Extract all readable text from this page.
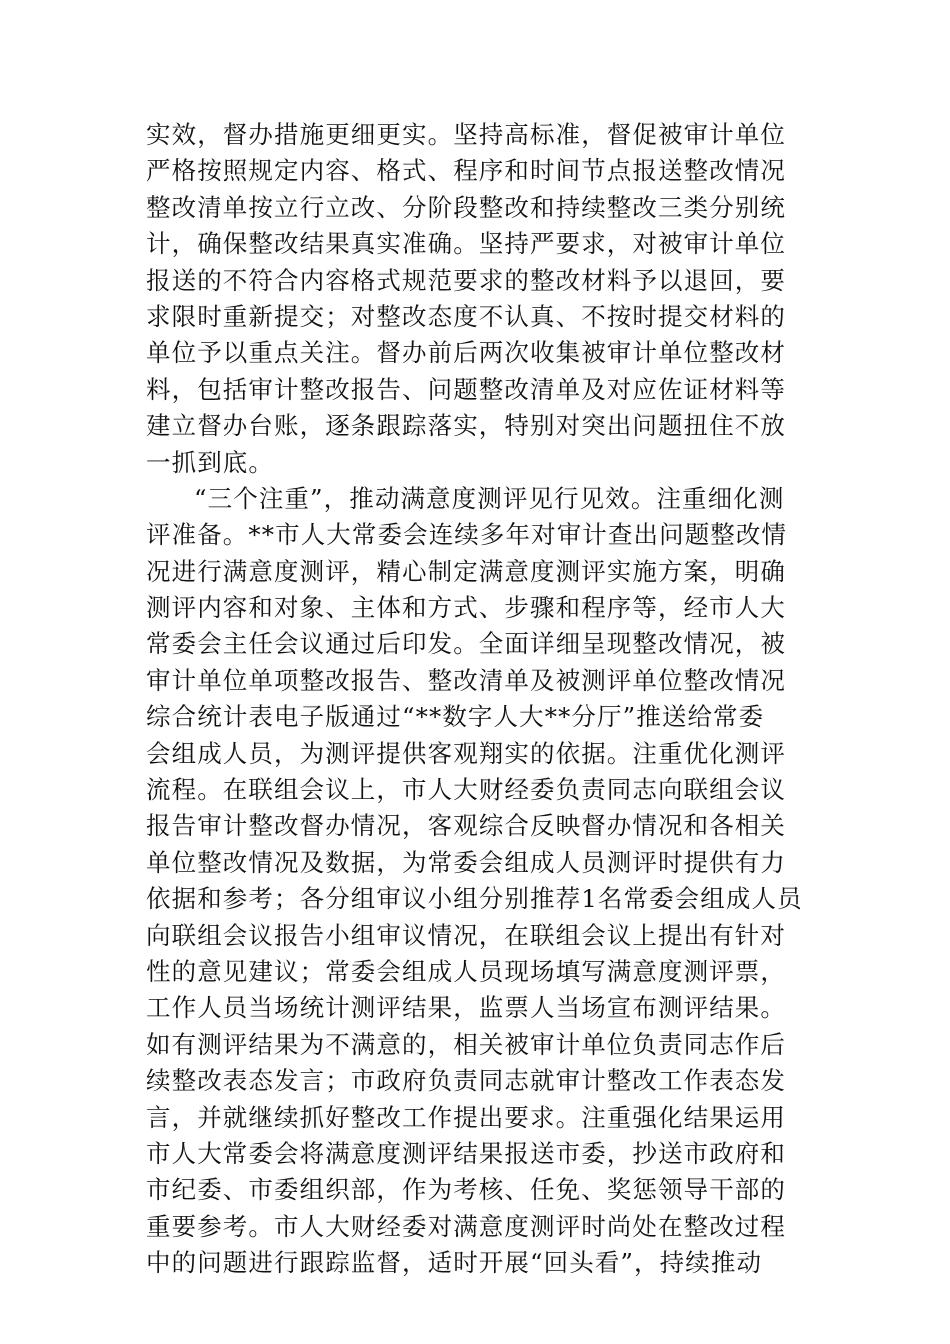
实效，督办措施更细更实。坚持高标准，督促被审计单位
严格按照规定内容、格式、程序和时间节点报送整改情况
整改清单按立行立改、分阶段整改和持续整改三类分别统
计，确保整改结果真实准确。坚持严要求，对被审计单位
报送的不符合内容格式规范要求的整改材料予以退回，要
求限时重新提交；对整改态度不认真、不按时提交材料的
单位予以重点关注。督办前后两次收集被审计单位整改材
料，包括审计整改报告、问题整改清单及对应佐证材料等
建立督办台账，逐条跟踪落实，特别对突出问题扭住不放
一抓到底。
“三个注重”，推动满意度测评见行见效。注重细化测
评准备。**市人大常委会连续多年对审计查出问题整改情
况进行满意度测评，精心制定满意度测评实施方案，明确
测评内容和对象、主体和方式、步骤和程序等，经市人大
常委会主任会议通过后印发。全面详细呈现整改情况，被
审计单位单项整改报告、整改清单及被测评单位整改情况
综合统计表电子版通过“**数字人大**分厅”推送给常委
会组成人员，为测评提供客观翔实的依据。注重优化测评
流程。在联组会议上，市人大财经委负责同志向联组会议
报告审计整改督办情况，客观综合反映督办情况和各相关
单位整改情况及数据，为常委会组成人员测评时提供有力
依据和参考；各分组审议小组分别推荐1名常委会组成人员
向联组会议报告小组审议情况，在联组会议上提出有针对
性的意见建议；常委会组成人员现场填写满意度测评票，
工作人员当场统计测评结果，监票人当场宣布测评结果。
如有测评结果为不满意的，相关被审计单位负责同志作后
续整改表态发言；市政府负责同志就审计整改工作表态发
言，并就继续抓好整改工作提出要求。注重强化结果运用
市人大常委会将满意度测评结果报送市委，抄送市政府和
市纪委、市委组织部，作为考核、任免、奖惩领导干部的
重要参考。市人大财经委对满意度测评时尚处在整改过程
中的问题进行跟踪监督，适时开展“回头看”，持续推动
